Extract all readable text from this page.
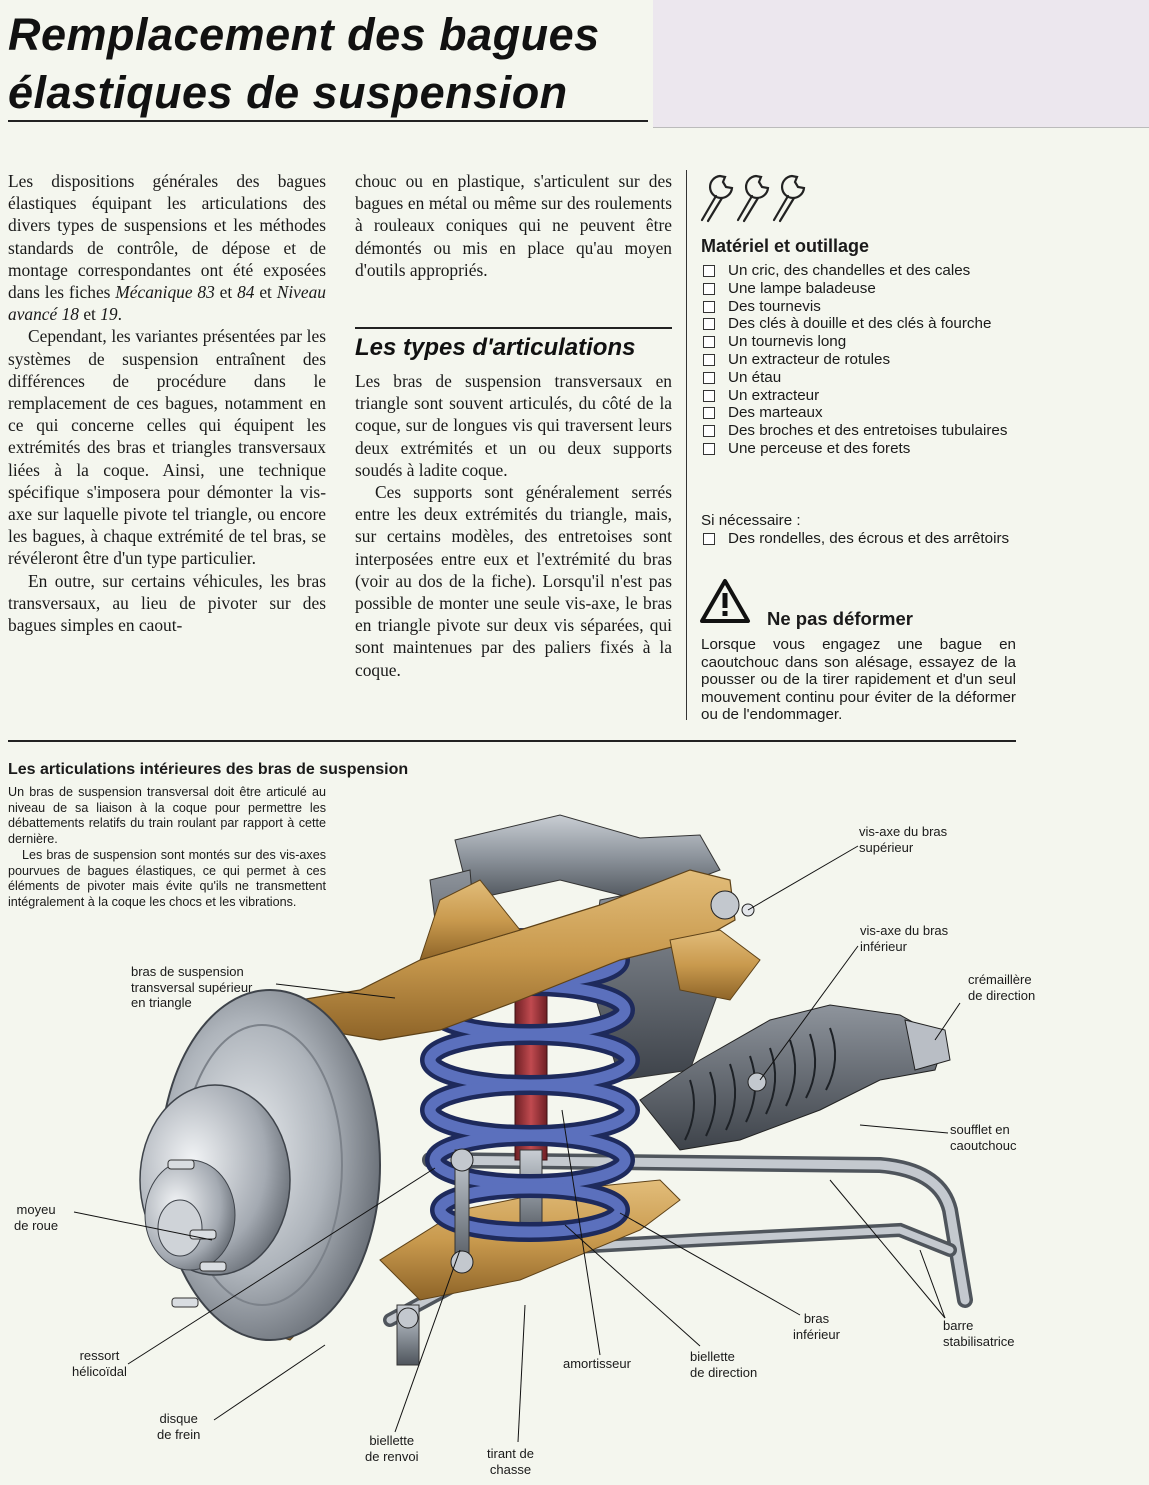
Remplacement des bagues
élastiques de suspension

Les dispositions générales des bagues élastiques équipant les articulations des divers types de suspensions et les méthodes standards de contrôle, de dépose et de montage correspondantes ont été exposées dans les fiches Mécanique 83 et 84 et Niveau avancé 18 et 19.

Cependant, les variantes présentées par les systèmes de suspension entraînent des différences de procédure dans le remplacement de ces bagues, notamment en ce qui concerne celles qui équipent les extrémités des bras et triangles transversaux liées à la coque. Ainsi, une technique spécifique s'imposera pour démonter la vis-axe sur laquelle pivote tel triangle, ou encore les bagues, à chaque extrémité de tel bras, se révéleront être d'un type particulier.

En outre, sur certains véhicules, les bras transversaux, au lieu de pivoter sur des bagues simples en caout-

chouc ou en plastique, s'articulent sur des bagues en métal ou même sur des roulements à rouleaux coniques qui ne peuvent être démontés ou mis en place qu'au moyen d'outils appropriés.

Les types d'articulations

Les bras de suspension transversaux en triangle sont souvent articulés, du côté de la coque, sur de longues vis qui traversent leurs deux extrémités et un ou deux supports soudés à ladite coque.

Ces supports sont généralement serrés entre les deux extrémités du triangle, mais, sur certains modèles, des entretoises sont interposées entre eux et l'extrémité du bras (voir au dos de la fiche). Lorsqu'il n'est pas possible de monter une seule vis-axe, le bras en triangle pivote sur deux vis séparées, qui sont maintenues par des paliers fixés à la coque.

Matériel et outillage
Un cric, des chandelles et des cales
Une lampe baladeuse
Des tournevis
Des clés à douille et des clés à fourche
Un tournevis long
Un extracteur de rotules
Un étau
Un extracteur
Des marteaux
Des broches et des entretoises tubulaires
Une perceuse et des forets
Si nécessaire :
Des rondelles, des écrous et des arrêtoirs
Ne pas déformer
Lorsque vous engagez une bague en caoutchouc dans son alésage, essayez de la pousser ou de la tirer rapidement et d'un seul mouvement continu pour éviter de la déformer ou de l'endommager.
Les articulations intérieures des bras de suspension

Un bras de suspension transversal doit être articulé au niveau de sa liaison à la coque pour permettre les débattements relatifs du train roulant par rapport à cette dernière.

Les bras de suspension sont montés sur des vis-axes pourvues de bagues élastiques, ce qui permet à ces éléments de pivoter mais évite qu'ils ne transmettent intégralement à la coque les chocs et les vibrations.

vis-axe du bras
supérieur
vis-axe du bras
inférieur
crémaillère
de direction
soufflet en
caoutchouc
bras de suspension
transversal supérieur
en triangle
moyeu
de roue
ressort
hélicoïdal
disque
de frein	biellette
de renvoi	tirant de
chasse
amortisseur	biellette
de direction
bras
inférieur
barre
stabilisatrice
